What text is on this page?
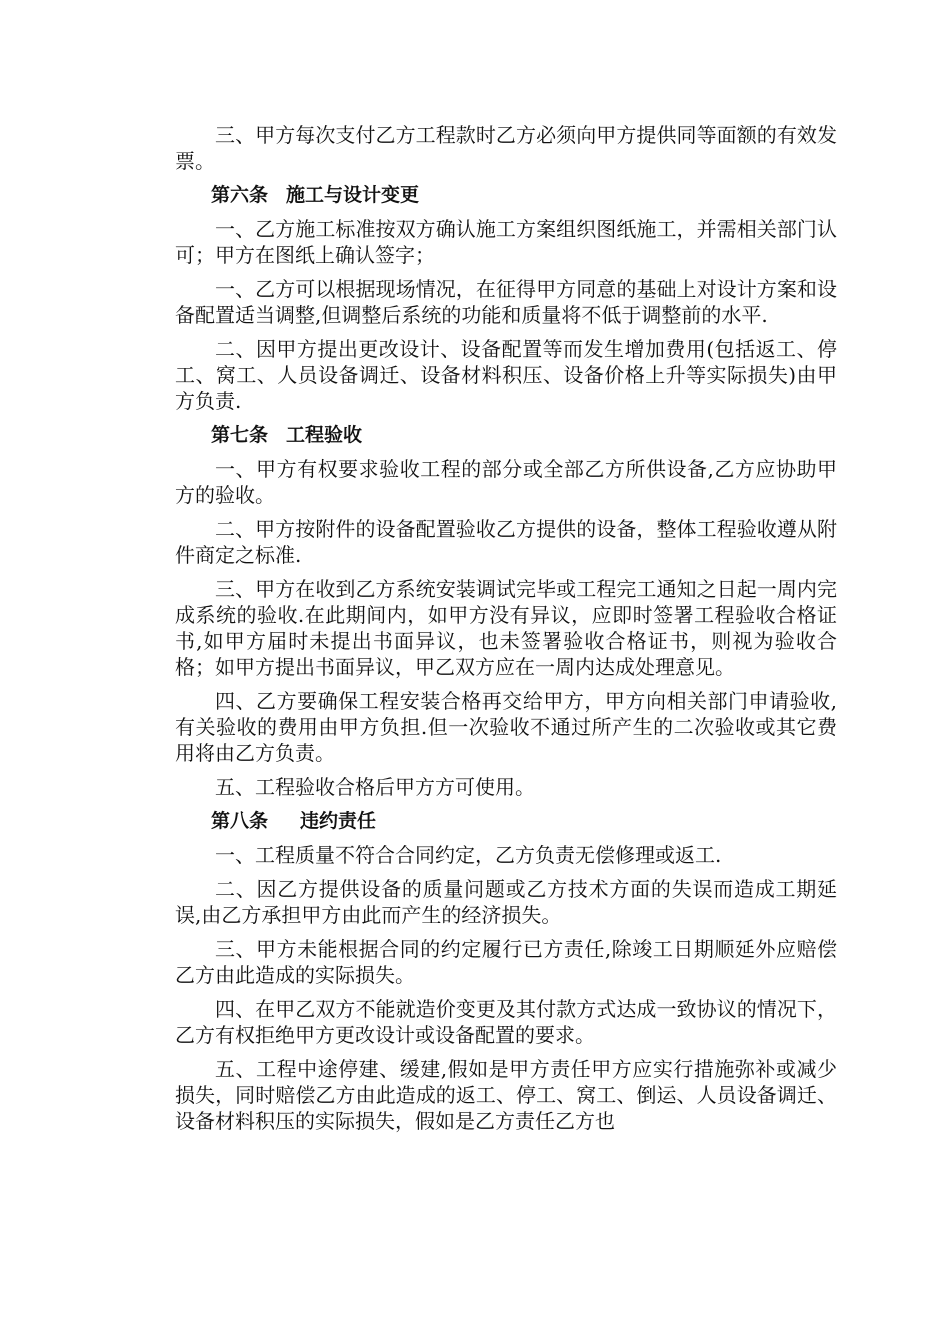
三、甲方每次支付乙方工程款时乙方必须向甲方提供同等面额的有效发票。

第六条 施工与设计变更

一、乙方施工标准按双方确认施工方案组织图纸施工，并需相关部门认可；甲方在图纸上确认签字；

一、乙方可以根据现场情况，在征得甲方同意的基础上对设计方案和设备配置适当调整,但调整后系统的功能和质量将不低于调整前的水平.

二、因甲方提出更改设计、设备配置等而发生增加费用(包括返工、停工、窝工、人员设备调迁、设备材料积压、设备价格上升等实际损失)由甲方负责.

第七条 工程验收

一、甲方有权要求验收工程的部分或全部乙方所供设备,乙方应协助甲方的验收。

二、甲方按附件的设备配置验收乙方提供的设备，整体工程验收遵从附件商定之标准.

三、甲方在收到乙方系统安装调试完毕或工程完工通知之日起一周内完成系统的验收.在此期间内，如甲方没有异议，应即时签署工程验收合格证书,如甲方届时未提出书面异议，也未签署验收合格证书，则视为验收合格；如甲方提出书面异议，甲乙双方应在一周内达成处理意见。

四、乙方要确保工程安装合格再交给甲方，甲方向相关部门申请验收,有关验收的费用由甲方负担.但一次验收不通过所产生的二次验收或其它费用将由乙方负责。

五、工程验收合格后甲方方可使用。

第八条 违约责任

一、工程质量不符合合同约定，乙方负责无偿修理或返工.

二、因乙方提供设备的质量问题或乙方技术方面的失误而造成工期延误,由乙方承担甲方由此而产生的经济损失。

三、甲方未能根据合同的约定履行已方责任,除竣工日期顺延外应赔偿乙方由此造成的实际损失。

四、在甲乙双方不能就造价变更及其付款方式达成一致协议的情况下，乙方有权拒绝甲方更改设计或设备配置的要求。

五、工程中途停建、缓建,假如是甲方责任甲方应实行措施弥补或减少损失，同时赔偿乙方由此造成的返工、停工、窝工、倒运、人员设备调迁、设备材料积压的实际损失，假如是乙方责任乙方也
